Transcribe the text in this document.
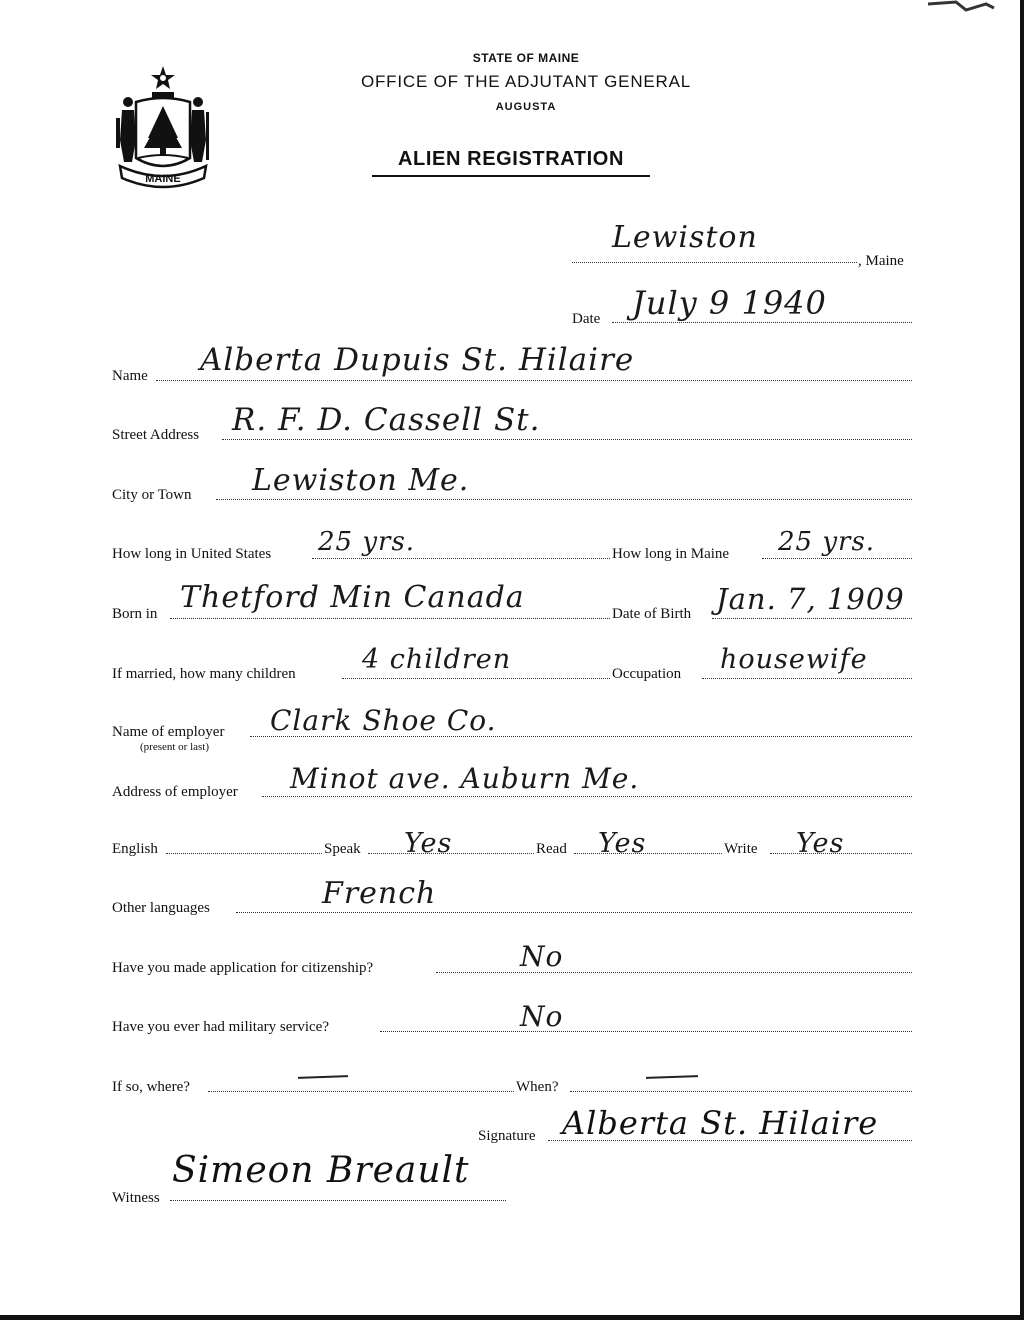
MAINE
STATE OF MAINE
OFFICE OF THE ADJUTANT GENERAL
AUGUSTA
ALIEN REGISTRATION
Lewiston
, Maine
Date July 9 1940
Name Alberta Dupuis St. Hilaire
Street Address R. F. D. Cassell St.
City or Town Lewiston Me.
How long in United States 25 yrs.	How long in Maine 25 yrs.
Born in Thetford Min Canada	Date of Birth Jan. 7, 1909
If married, how many children 4 children	Occupation housewife
Name of employer
(present or last)
Clark Shoe Co.
Address of employer Minot ave. Auburn Me.
English	Speak Yes	Read Yes	Write Yes
Other languages	French
Have you made application for citizenship?	No
Have you ever had military service?	No
If so, where?	When?
Signature Alberta St. Hilaire
Witness
Simeon Breault
